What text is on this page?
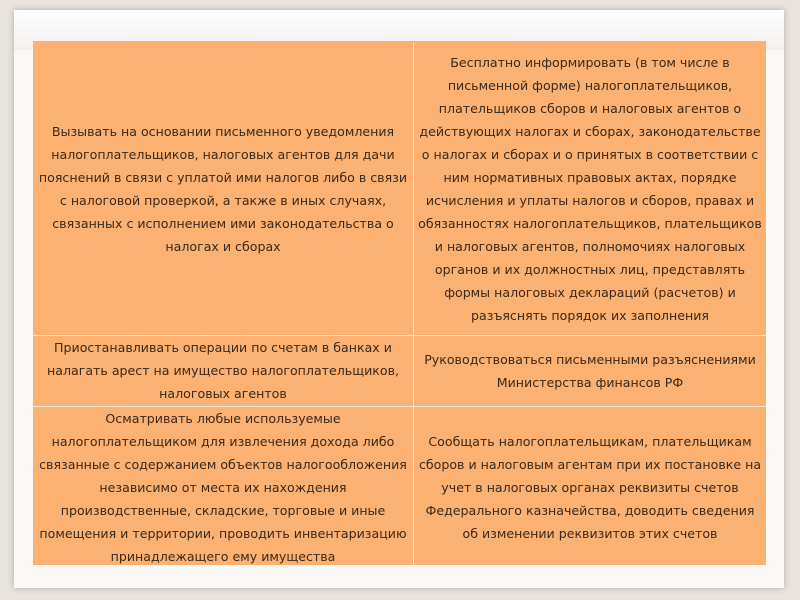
Вызывать на основании письменного уведомления налогоплательщиков, налоговых агентов для дачи пояснений в связи с уплатой ими налогов либо в связи с налоговой проверкой, а также в иных случаях, связанных с исполнением ими законодательства о налогах и сборах
Бесплатно информировать (в том числе в письменной форме) налогоплательщиков, плательщиков сборов и налоговых агентов о действующих налогах и сборах, законодательстве о налогах и сборах и о принятых в соответствии с ним нормативных правовых актах, порядке исчисления и уплаты налогов и сборов, правах и обязанностях налогоплательщиков, плательщиков и налоговых агентов, полномочиях налоговых органов и их должностных лиц, представлять формы налоговых деклараций (расчетов) и разъяснять порядок их заполнения
Приостанавливать операции по счетам в банках и налагать арест на имущество налогоплательщиков, налоговых агентов
Руководствоваться письменными разъяснениями Министерства финансов РФ
Осматривать любые используемые налогоплательщиком для извлечения дохода либо связанные с содержанием объектов налогообложения независимо от места их нахождения производственные, складские, торговые и иные помещения и территории, проводить инвентаризацию принадлежащего ему имущества
Сообщать налогоплательщикам, плательщикам сборов и налоговым агентам при их постановке на учет в налоговых органах реквизиты счетов Федерального казначейства, доводить сведения об изменении реквизитов этих счетов
